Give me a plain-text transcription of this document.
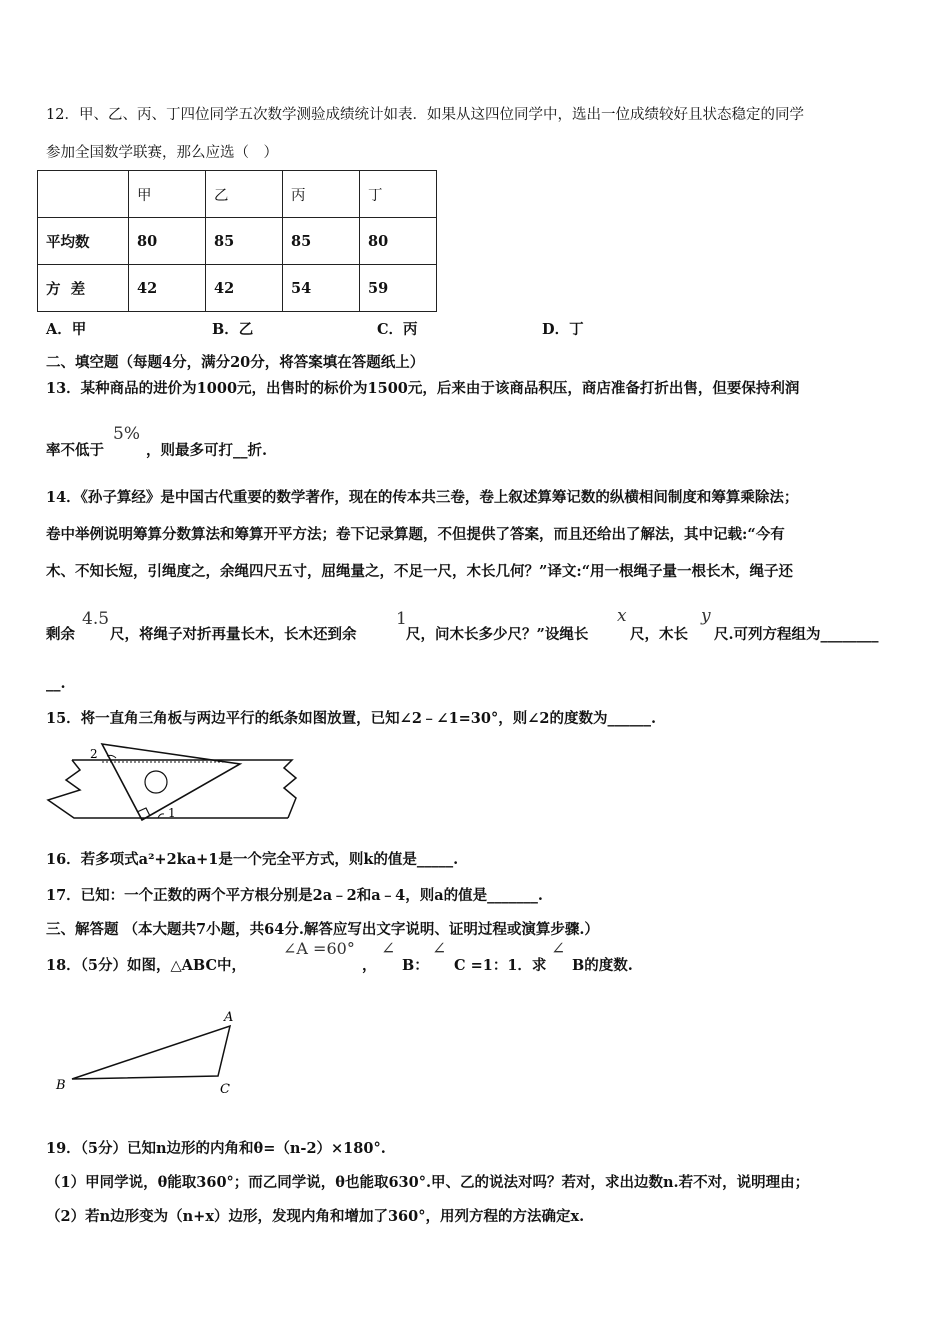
12．甲、乙、丙、丁四位同学五次数学测验成绩统计如表．如果从这四位同学中，选出一位成绩较好且状态稳定的同学
参加全国数学联赛，那么应选（　）
	甲	乙	丙	丁
平均数	80	85	85	80
方  差	42	42	54	59
A．甲	B．乙	C．丙	D．丁
二、填空题（每题4分，满分20分，将答案填在答题纸上）
13．某种商品的进价为1000元，出售时的标价为1500元，后来由于该商品积压，商店准备打折出售，但要保持利润
率不低于
5%
，则最多可打__折.
14．《孙子算经》是中国古代重要的数学著作，现在的传本共三卷，卷上叙述算筹记数的纵横相间制度和筹算乘除法；
卷中举例说明筹算分数算法和筹算开平方法；卷下记录算题，不但提供了答案，而且还给出了解法，其中记载:“今有
木、不知长短，引绳度之，余绳四尺五寸，屈绳量之，不足一尺，木长几何？”译文:“用一根绳子量一根长木，绳子还
剩余
4.5
尺，将绳子对折再量长木，长木还到余
1
尺，问木长多少尺？”设绳长
x
尺，木长
y
尺.可列方程组为________
__.
15．将一直角三角板与两边平行的纸条如图放置，已知∠2﹣∠1=30°，则∠2的度数为______.
2
1
16．若多项式a²+2ka+1是一个完全平方式，则k的值是_____.
17．已知：一个正数的两个平方根分别是2a﹣2和a﹣4，则a的值是_______.
三、解答题 （本大题共7小题，共64分.解答应写出文字说明、证明过程或演算步骤.）
18．（5分）如图，△ABC中，
∠A =60°
，
∠
B：
∠
C =1：1．求
∠
B的度数.
A
B	C
19．（5分）已知n边形的内角和θ=（n-2）×180°.
（1）甲同学说，θ能取360°；而乙同学说，θ也能取630°.甲、乙的说法对吗？若对，求出边数n.若不对，说明理由；
（2）若n边形变为（n+x）边形，发现内角和增加了360°，用列方程的方法确定x.
